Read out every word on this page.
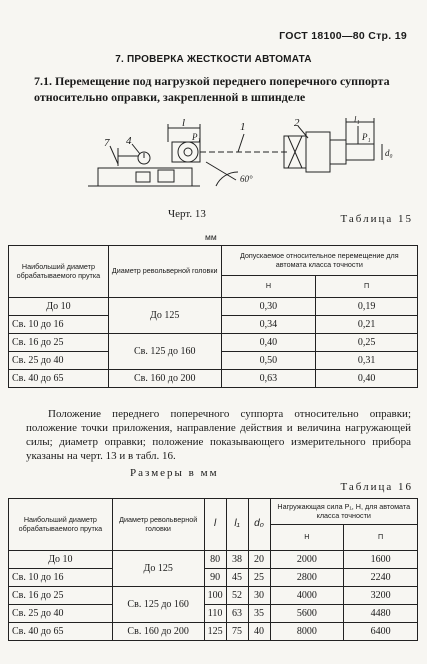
ГОСТ 18100—80 Стр. 19
7. ПРОВЕРКА ЖЕСТКОСТИ АВТОМАТА
7.1. Перемещение под нагрузкой переднего поперечного суппорта относительно оправки, закрепленной в шпинделе
7 4
l
P₁
1
60°
2	l₁
P₁
d₀
Черт. 13	Таблица 15
мм
Наибольший диаметр обрабатываемого прутка	Диаметр револьверной головки	Допускаемое относительное перемещение для автомата класса точности	
		Н	П
До 10	До 125	0,30	0,19
Св. 10 до 16		0,34	0,21
Св. 16 до 25	Св. 125 до 160	0,40	0,25
Св. 25 до 40		0,50	0,31
Св. 40 до 65	Св. 160 до 200	0,63	0,40
Положение переднего поперечного суппорта относительно оправки; положение точки приложения, направление действия и величина нагружающей силы; диаметр оправки; положение показывающего измерительного прибора указаны на черт. 13 и в табл. 16.
Размеры в мм
Таблица 16
Наибольший диаметр обрабатываемого прутка	Диаметр револьверной головки	l	l₁	d₀	Нагружающая сила P₁, Н, для автомата класса точности	
					Н	П
До 10	До 125	80	38	20	2000	1600
Св. 10 до 16		90	45	25	2800	2240
Св. 16 до 25	Св. 125 до 160	100	52	30	4000	3200
Св. 25 до 40		110	63	35	5600	4480
Св. 40 до 65	Св. 160 до 200	125	75	40	8000	6400
